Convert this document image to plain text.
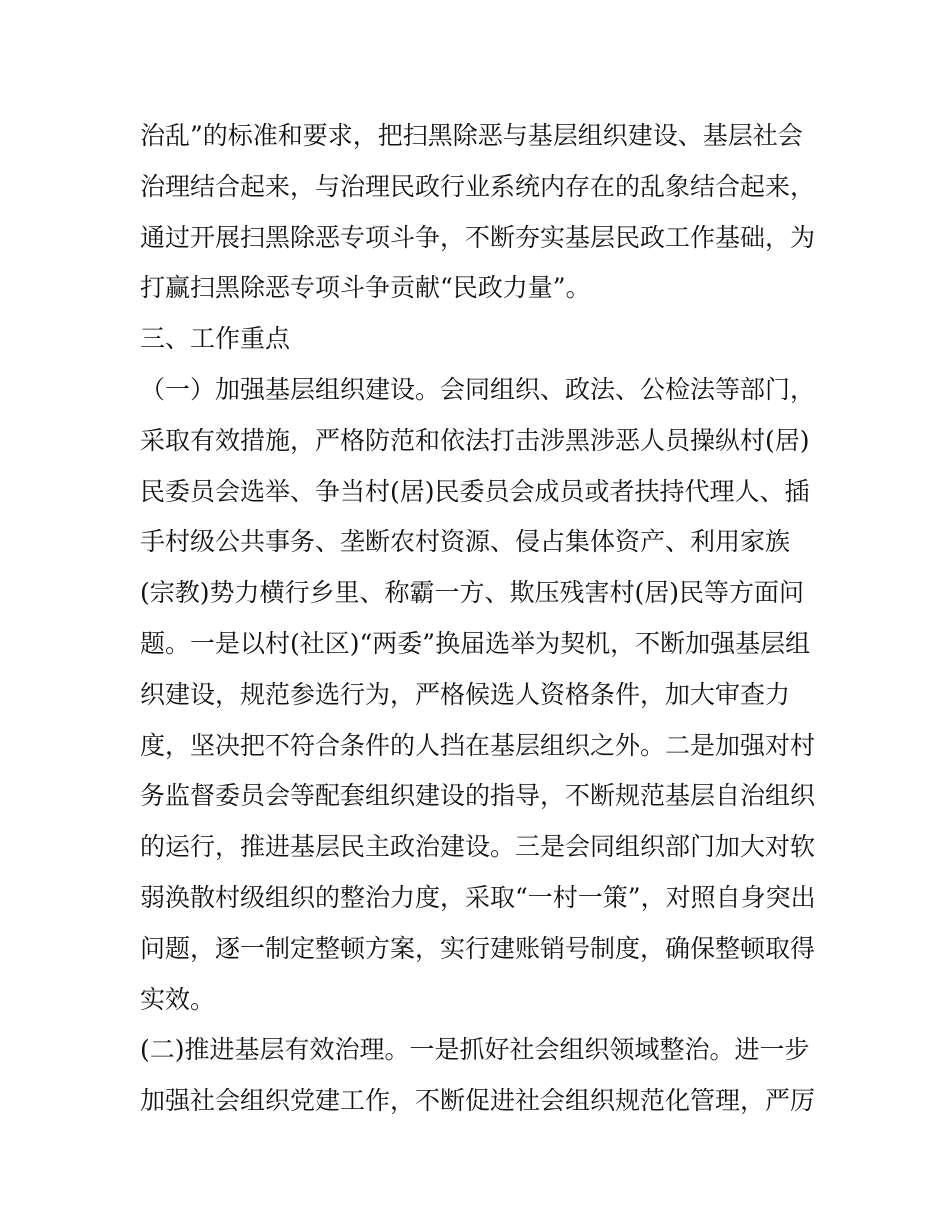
治乱”的标准和要求，把扫黑除恶与基层组织建设、基层社会
治理结合起来，与治理民政行业系统内存在的乱象结合起来，
通过开展扫黑除恶专项斗争，不断夯实基层民政工作基础，为
打赢扫黑除恶专项斗争贡献“民政力量”。
三、工作重点
（一）加强基层组织建设。会同组织、政法、公检法等部门，
采取有效措施，严格防范和依法打击涉黑涉恶人员操纵村(居)
民委员会选举、争当村(居)民委员会成员或者扶持代理人、插
手村级公共事务、垄断农村资源、侵占集体资产、利用家族
(宗教)势力横行乡里、称霸一方、欺压残害村(居)民等方面问
题。一是以村(社区)“两委”换届选举为契机，不断加强基层组
织建设，规范参选行为，严格候选人资格条件，加大审查力
度，坚决把不符合条件的人挡在基层组织之外。二是加强对村
务监督委员会等配套组织建设的指导，不断规范基层自治组织
的运行，推进基层民主政治建设。三是会同组织部门加大对软
弱涣散村级组织的整治力度，采取“一村一策”，对照自身突出
问题，逐一制定整顿方案，实行建账销号制度，确保整顿取得
实效。
(二)推进基层有效治理。一是抓好社会组织领域整治。进一步
加强社会组织党建工作，不断促进社会组织规范化管理，严厉
